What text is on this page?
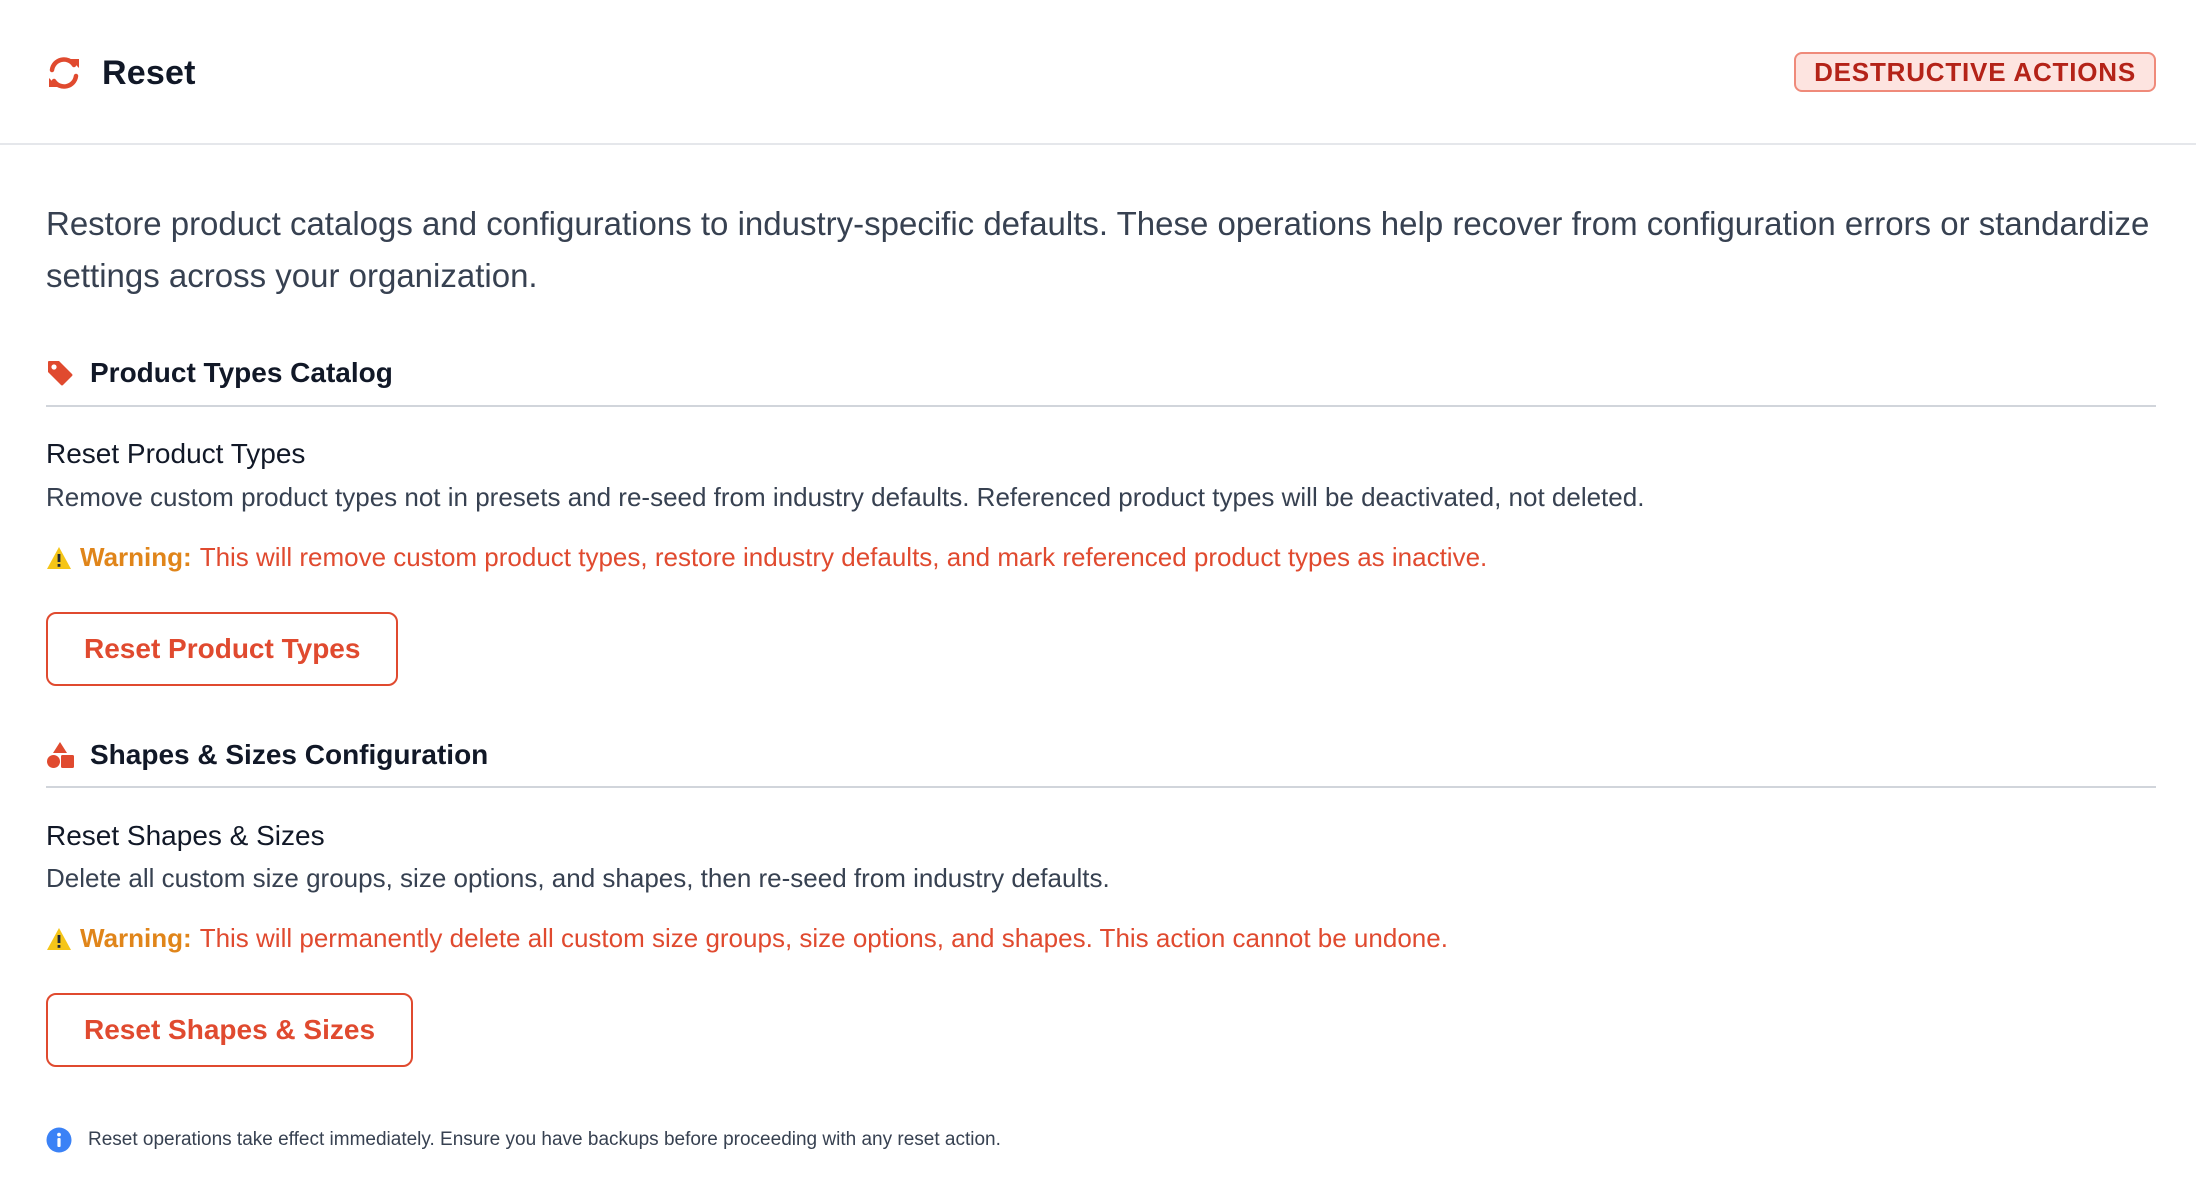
Reset	DESTRUCTIVE ACTIONS
Restore product catalogs and configurations to industry-specific defaults. These operations help recover from configuration errors or standardize settings across your organization.
Product Types Catalog
Reset Product Types
Remove custom product types not in presets and re-seed from industry defaults. Referenced product types will be deactivated, not deleted.
Warning: This will remove custom product types, restore industry defaults, and mark referenced product types as inactive.
Reset Product Types
Shapes & Sizes Configuration
Reset Shapes & Sizes
Delete all custom size groups, size options, and shapes, then re-seed from industry defaults.
Warning: This will permanently delete all custom size groups, size options, and shapes. This action cannot be undone.
Reset Shapes & Sizes
Reset operations take effect immediately. Ensure you have backups before proceeding with any reset action.
